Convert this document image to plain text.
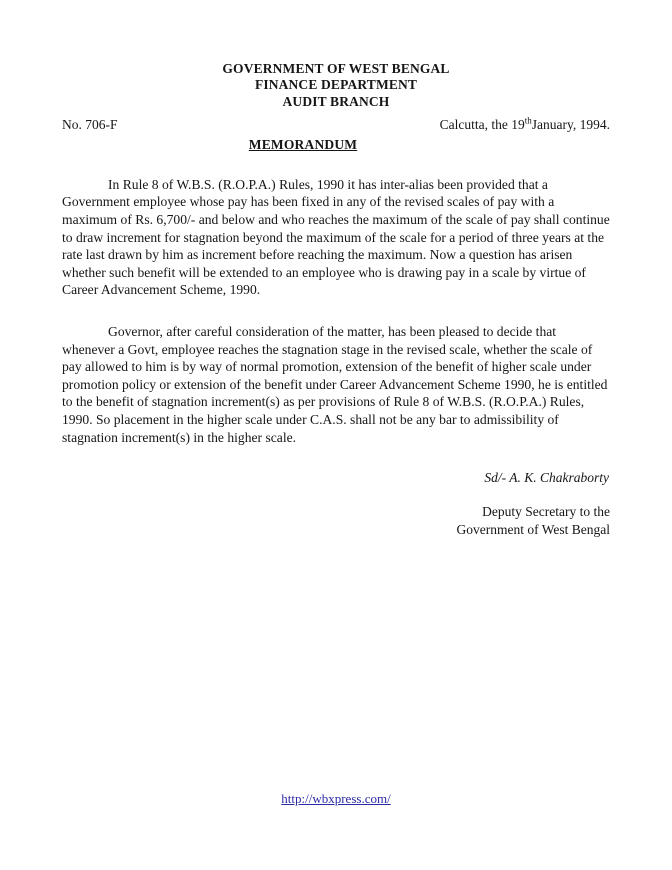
GOVERNMENT OF WEST BENGAL
FINANCE DEPARTMENT
AUDIT BRANCH
No. 706-F	Calcutta, the 19thJanuary, 1994.
MEMORANDUM

In Rule 8 of W.B.S. (R.O.P.A.) Rules, 1990 it has inter-alias been provided that a Government employee whose pay has been fixed in any of the revised scales of pay with a maximum of Rs. 6,700/- and below and who reaches the maximum of the scale of pay shall continue to draw increment for stagnation beyond the maximum of the scale for a period of three years at the rate last drawn by him as increment before reaching the maximum. Now a question has arisen whether such benefit will be extended to an employee who is drawing pay in a scale by virtue of Career Advancement Scheme, 1990.

Governor, after careful consideration of the matter, has been pleased to decide that whenever a Govt, employee reaches the stagnation stage in the revised scale, whether the scale of pay allowed to him is by way of normal promotion, extension of the benefit of higher scale under promotion policy or extension of the benefit under Career Advancement Scheme 1990, he is entitled to the benefit of stagnation increment(s) as per provisions of Rule 8 of W.B.S. (R.O.P.A.) Rules, 1990. So placement in the higher scale under C.A.S. shall not be any bar to admissibility of stagnation increment(s) in the higher scale.

Sd/- A. K. Chakraborty
Deputy Secretary to the
Government of West Bengal
http://wbxpress.com/
